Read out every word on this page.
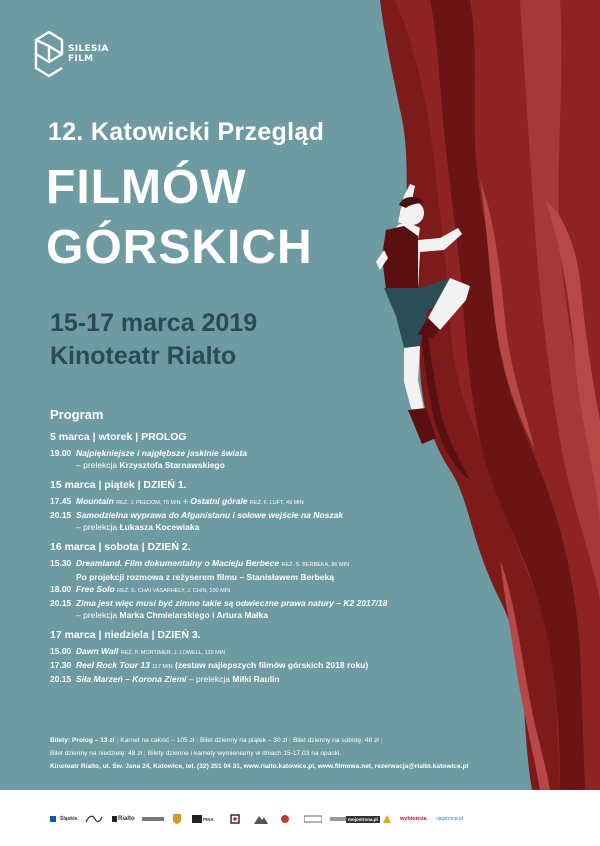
SILESIA
FILM
12. Katowicki Przegląd
FILMÓW
GÓRSKICH
15-17 marca 2019
Kinoteatr Rialto
Program
5 marca | wtorek | PROLOG
19.00 Najpiękniejsze i najgłębsze jaskinie świata
– prelekcja Krzysztofa Starnawskiego
15 marca | piątek | DZIEŃ 1.
17.45 Mountain REŻ. J. PEEDOM, 76 MIN + Ostatni górale REŻ. F. LUFT, 49 MIN
20.15 Samodzielna wyprawa do Afganistanu i solowe wejście na Noszak
– prelekcja Łukasza Kocewiaka
16 marca | sobota | DZIEŃ 2.
15.30 Dreamland. Film dokumentalny o Macieju Berbece REŻ. S. BERBEKA, 86 MIN
Po projekcji rozmowa z reżyserem filmu – Stanisławem Berbeką
18.00 Free Solo REŻ. E. CHAI VASARHELY, J. CHIN, 100 MIN
20.15 Zima jest więc musi być zimno takie są odwieczne prawa natury – K2 2017/18
– prelekcja Marka Chmielarskiego i Artura Małka
17 marca | niedziela | DZIEŃ 3.
15.00 Dawn Wall REŻ. P. MORTIMER, J. LOWELL, 115 MIN
17.30 Reel Rock Tour 13 117 MIN (zestaw najlepszych filmów górskich 2018 roku)
20.15 Siła Marzeń – Korona Ziemi – prelekcja Miłki Raulin
Bilety: Prolog – 13 zł | Karnet na całość – 105 zł | Bilet dzienny na piątek – 30 zł | Bilet dzienny na sobotę: 48 zł |
Bilet dzienny na niedzielę: 48 zł | Bilety dzienne i karnety wymieniamy w dniach 15-17.03 na opaski.
Kinoteatr Rialto, ul. Św. Jana 24, Katowice, tel. (32) 251 04 31, www.rialto.katowice.pl, www.filmowa.net, rezerwacja@rialto.katowice.pl
Śląskie.	Rialto	PINA	mojostrona.pl	wybiorcza ojejstrona.pl
